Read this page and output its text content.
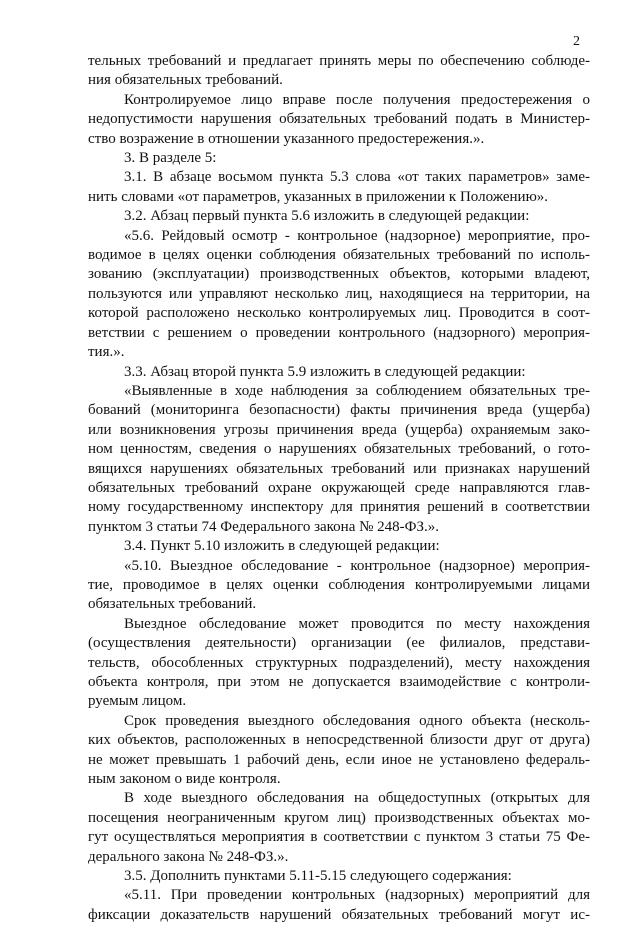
2
тельных требований и предлагает принять меры по обеспечению соблюде-
ния обязательных требований.
Контролируемое лицо вправе после получения предостережения о
недопустимости нарушения обязательных требований подать в Министер-
ство возражение в отношении указанного предостережения.».
3. В разделе 5:
3.1. В абзаце восьмом пункта 5.3 слова «от таких параметров» заме-
нить словами «от параметров, указанных в приложении к Положению».
3.2. Абзац первый пункта 5.6 изложить в следующей редакции:
«5.6. Рейдовый осмотр - контрольное (надзорное) мероприятие, про-
водимое в целях оценки соблюдения обязательных требований по исполь-
зованию (эксплуатации) производственных объектов, которыми владеют,
пользуются или управляют несколько лиц, находящиеся на территории, на
которой расположено несколько контролируемых лиц. Проводится в соот-
ветствии с решением о проведении контрольного (надзорного) мероприя-
тия.».
3.3. Абзац второй пункта 5.9 изложить в следующей редакции:
«Выявленные в ходе наблюдения за соблюдением обязательных тре-
бований (мониторинга безопасности) факты причинения вреда (ущерба)
или возникновения угрозы причинения вреда (ущерба) охраняемым зако-
ном ценностям, сведения о нарушениях обязательных требований, о гото-
вящихся нарушениях обязательных требований или признаках нарушений
обязательных требований охране окружающей среде направляются глав-
ному государственному инспектору для принятия решений в соответствии
пунктом 3 статьи 74 Федерального закона № 248-ФЗ.».
3.4. Пункт 5.10 изложить в следующей редакции:
«5.10. Выездное обследование - контрольное (надзорное) мероприя-
тие, проводимое в целях оценки соблюдения контролируемыми лицами
обязательных требований.
Выездное обследование может проводится по месту нахождения
(осуществления деятельности) организации (ее филиалов, представи-
тельств, обособленных структурных подразделений), месту нахождения
объекта контроля, при этом не допускается взаимодействие с контроли-
руемым лицом.
Срок проведения выездного обследования одного объекта (несколь-
ких объектов, расположенных в непосредственной близости друг от друга)
не может превышать 1 рабочий день, если иное не установлено федераль-
ным законом о виде контроля.
В ходе выездного обследования на общедоступных (открытых для
посещения неограниченным кругом лиц) производственных объектах мо-
гут осуществляться мероприятия в соответствии с пунктом 3 статьи 75 Фе-
дерального закона № 248-ФЗ.».
3.5. Дополнить пунктами 5.11-5.15 следующего содержания:
«5.11. При проведении контрольных (надзорных) мероприятий для
фиксации доказательств нарушений обязательных требований могут ис-
